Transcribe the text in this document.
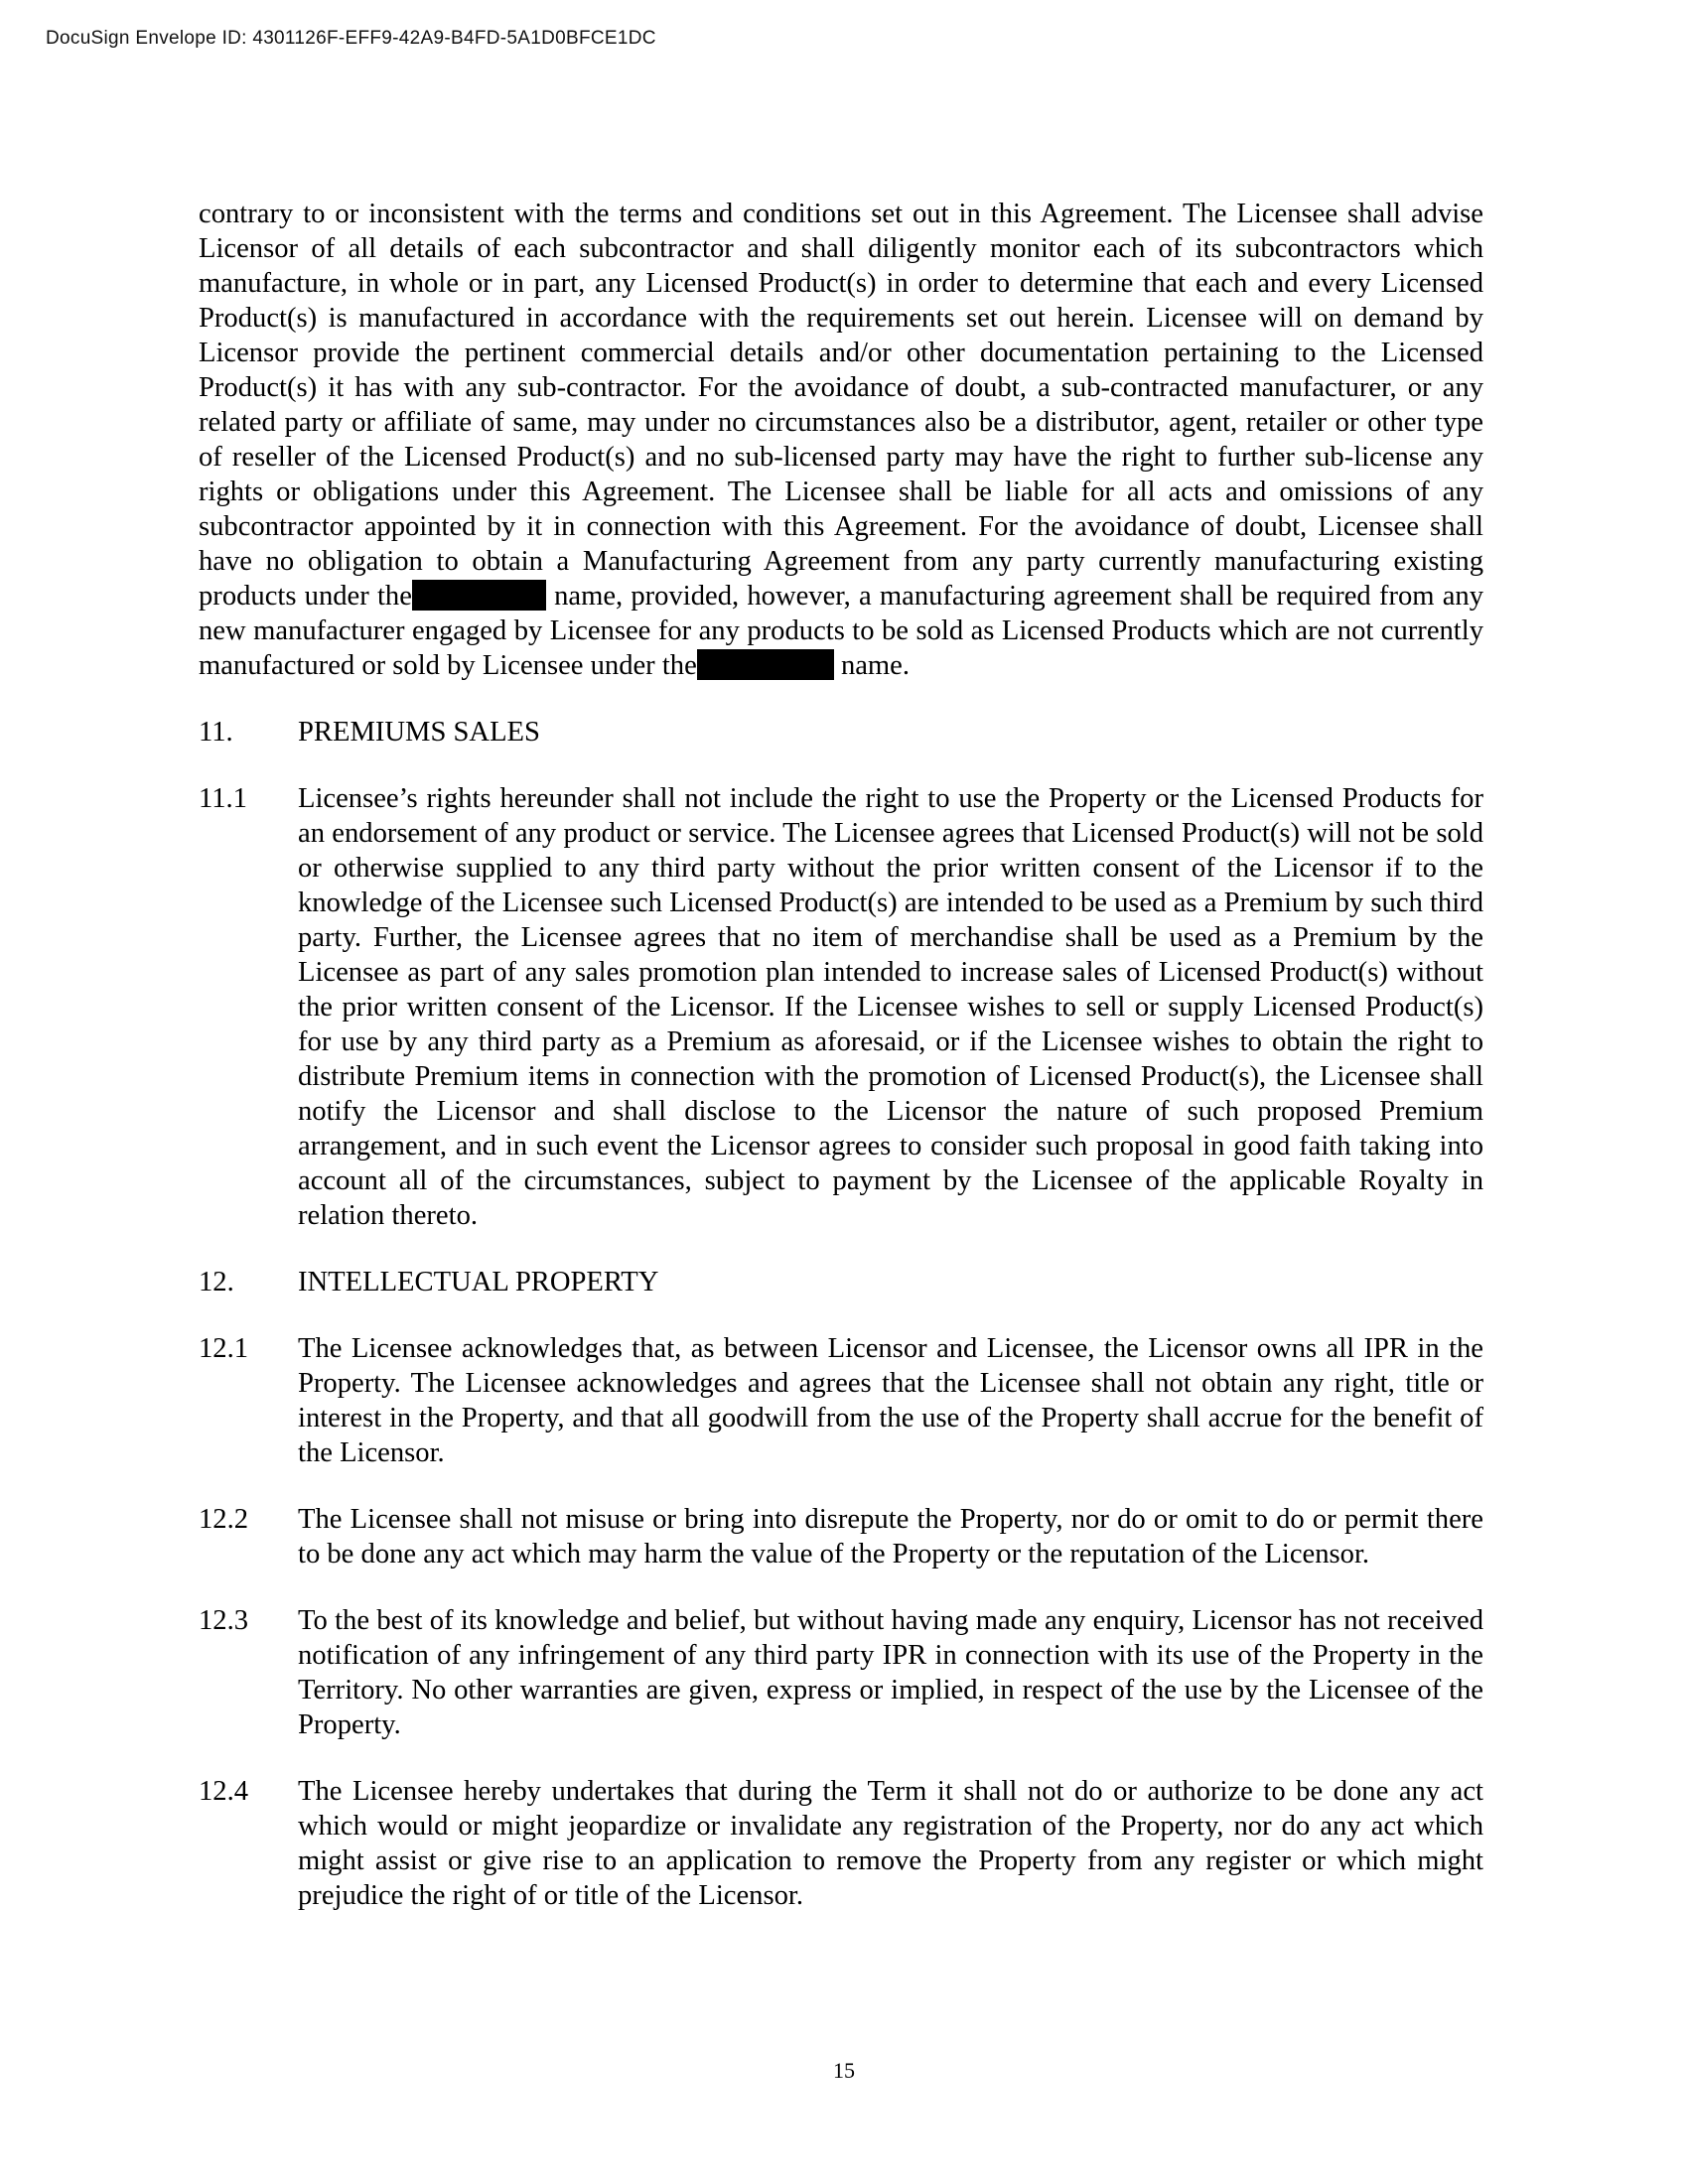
DocuSign Envelope ID: 4301126F-EFF9-42A9-B4FD-5A1D0BFCE1DC

contrary to or inconsistent with the terms and conditions set out in this Agreement. The Licensee shall advise Licensor of all details of each subcontractor and shall diligently monitor each of its subcontractors which manufacture, in whole or in part, any Licensed Product(s) in order to determine that each and every Licensed Product(s) is manufactured in accordance with the requirements set out herein. Licensee will on demand by Licensor provide the pertinent commercial details and/or other documentation pertaining to the Licensed Product(s) it has with any sub-contractor. For the avoidance of doubt, a sub-contracted manufacturer, or any related party or affiliate of same, may under no circumstances also be a distributor, agent, retailer or other type of reseller of the Licensed Product(s) and no sub-licensed party may have the right to further sub-license any rights or obligations under this Agreement. The Licensee shall be liable for all acts and omissions of any subcontractor appointed by it in connection with this Agreement. For the avoidance of doubt, Licensee shall have no obligation to obtain a Manufacturing Agreement from any party currently manufacturing existing products under the	name, provided, however, a manufacturing agreement shall be required from any new manufacturer engaged by Licensee for any products to be sold as Licensed Products which are not currently manufactured or sold by Licensee under the	name.

11.	PREMIUMS SALES
11.1	Licensee’s rights hereunder shall not include the right to use the Property or the Licensed Products for an endorsement of any product or service. The Licensee agrees that Licensed Product(s) will not be sold or otherwise supplied to any third party without the prior written consent of the Licensor if to the knowledge of the Licensee such Licensed Product(s) are intended to be used as a Premium by such third party. Further, the Licensee agrees that no item of merchandise shall be used as a Premium by the Licensee as part of any sales promotion plan intended to increase sales of Licensed Product(s) without the prior written consent of the Licensor. If the Licensee wishes to sell or supply Licensed Product(s) for use by any third party as a Premium as aforesaid, or if the Licensee wishes to obtain the right to distribute Premium items in connection with the promotion of Licensed Product(s), the Licensee shall notify the Licensor and shall disclose to the Licensor the nature of such proposed Premium arrangement, and in such event the Licensor agrees to consider such proposal in good faith taking into account all of the circumstances, subject to payment by the Licensee of the applicable Royalty in relation thereto.
12.	INTELLECTUAL PROPERTY
12.1	The Licensee acknowledges that, as between Licensor and Licensee, the Licensor owns all IPR in the Property. The Licensee acknowledges and agrees that the Licensee shall not obtain any right, title or interest in the Property, and that all goodwill from the use of the Property shall accrue for the benefit of the Licensor.
12.2	The Licensee shall not misuse or bring into disrepute the Property, nor do or omit to do or permit there to be done any act which may harm the value of the Property or the reputation of the Licensor.
12.3	To the best of its knowledge and belief, but without having made any enquiry, Licensor has not received notification of any infringement of any third party IPR in connection with its use of the Property in the Territory. No other warranties are given, express or implied, in respect of the use by the Licensee of the Property.
12.4	The Licensee hereby undertakes that during the Term it shall not do or authorize to be done any act which would or might jeopardize or invalidate any registration of the Property, nor do any act which might assist or give rise to an application to remove the Property from any register or which might prejudice the right of or title of the Licensor.
15
